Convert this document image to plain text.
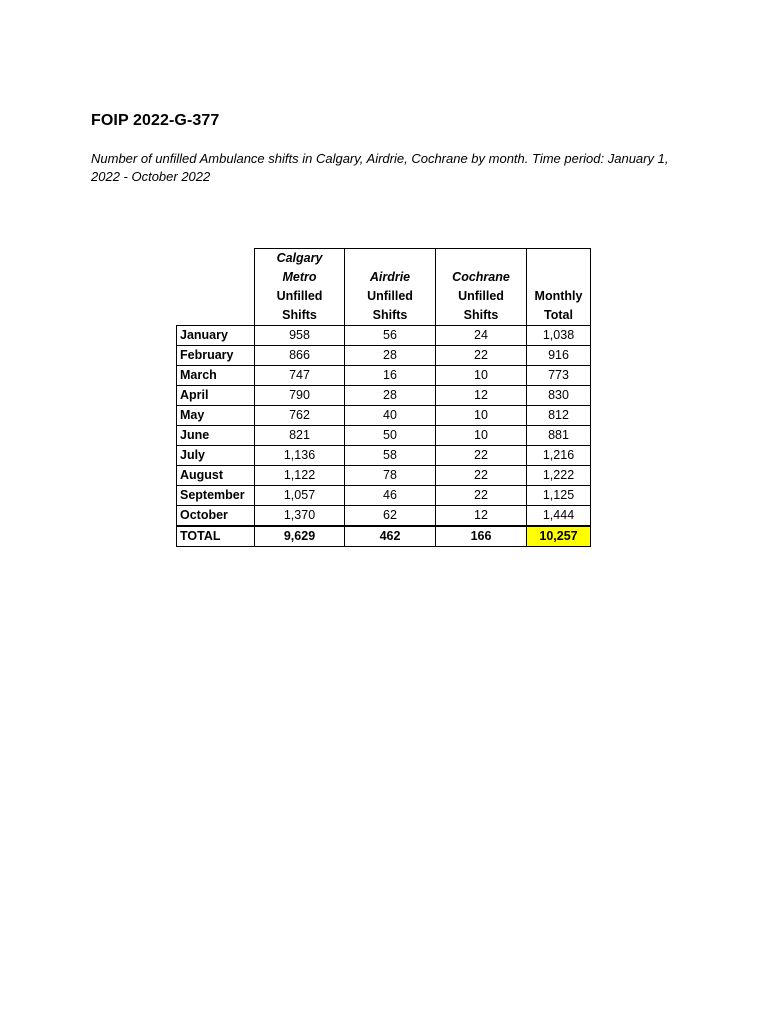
FOIP 2022-G-377

Number of unfilled Ambulance shifts in Calgary, Airdrie, Cochrane by month. Time period: January 1, 2022 - October 2022

	Calgary Metro	Airdrie	Cochrane	Monthly Total
	Unfilled Shifts	Unfilled Shifts	Unfilled Shifts	
January	958	56	24	1,038
February	866	28	22	916
March	747	16	10	773
April	790	28	12	830
May	762	40	10	812
June	821	50	10	881
July	1,136	58	22	1,216
August	1,122	78	22	1,222
September	1,057	46	22	1,125
October	1,370	62	12	1,444
TOTAL	9,629	462	166	10,257
